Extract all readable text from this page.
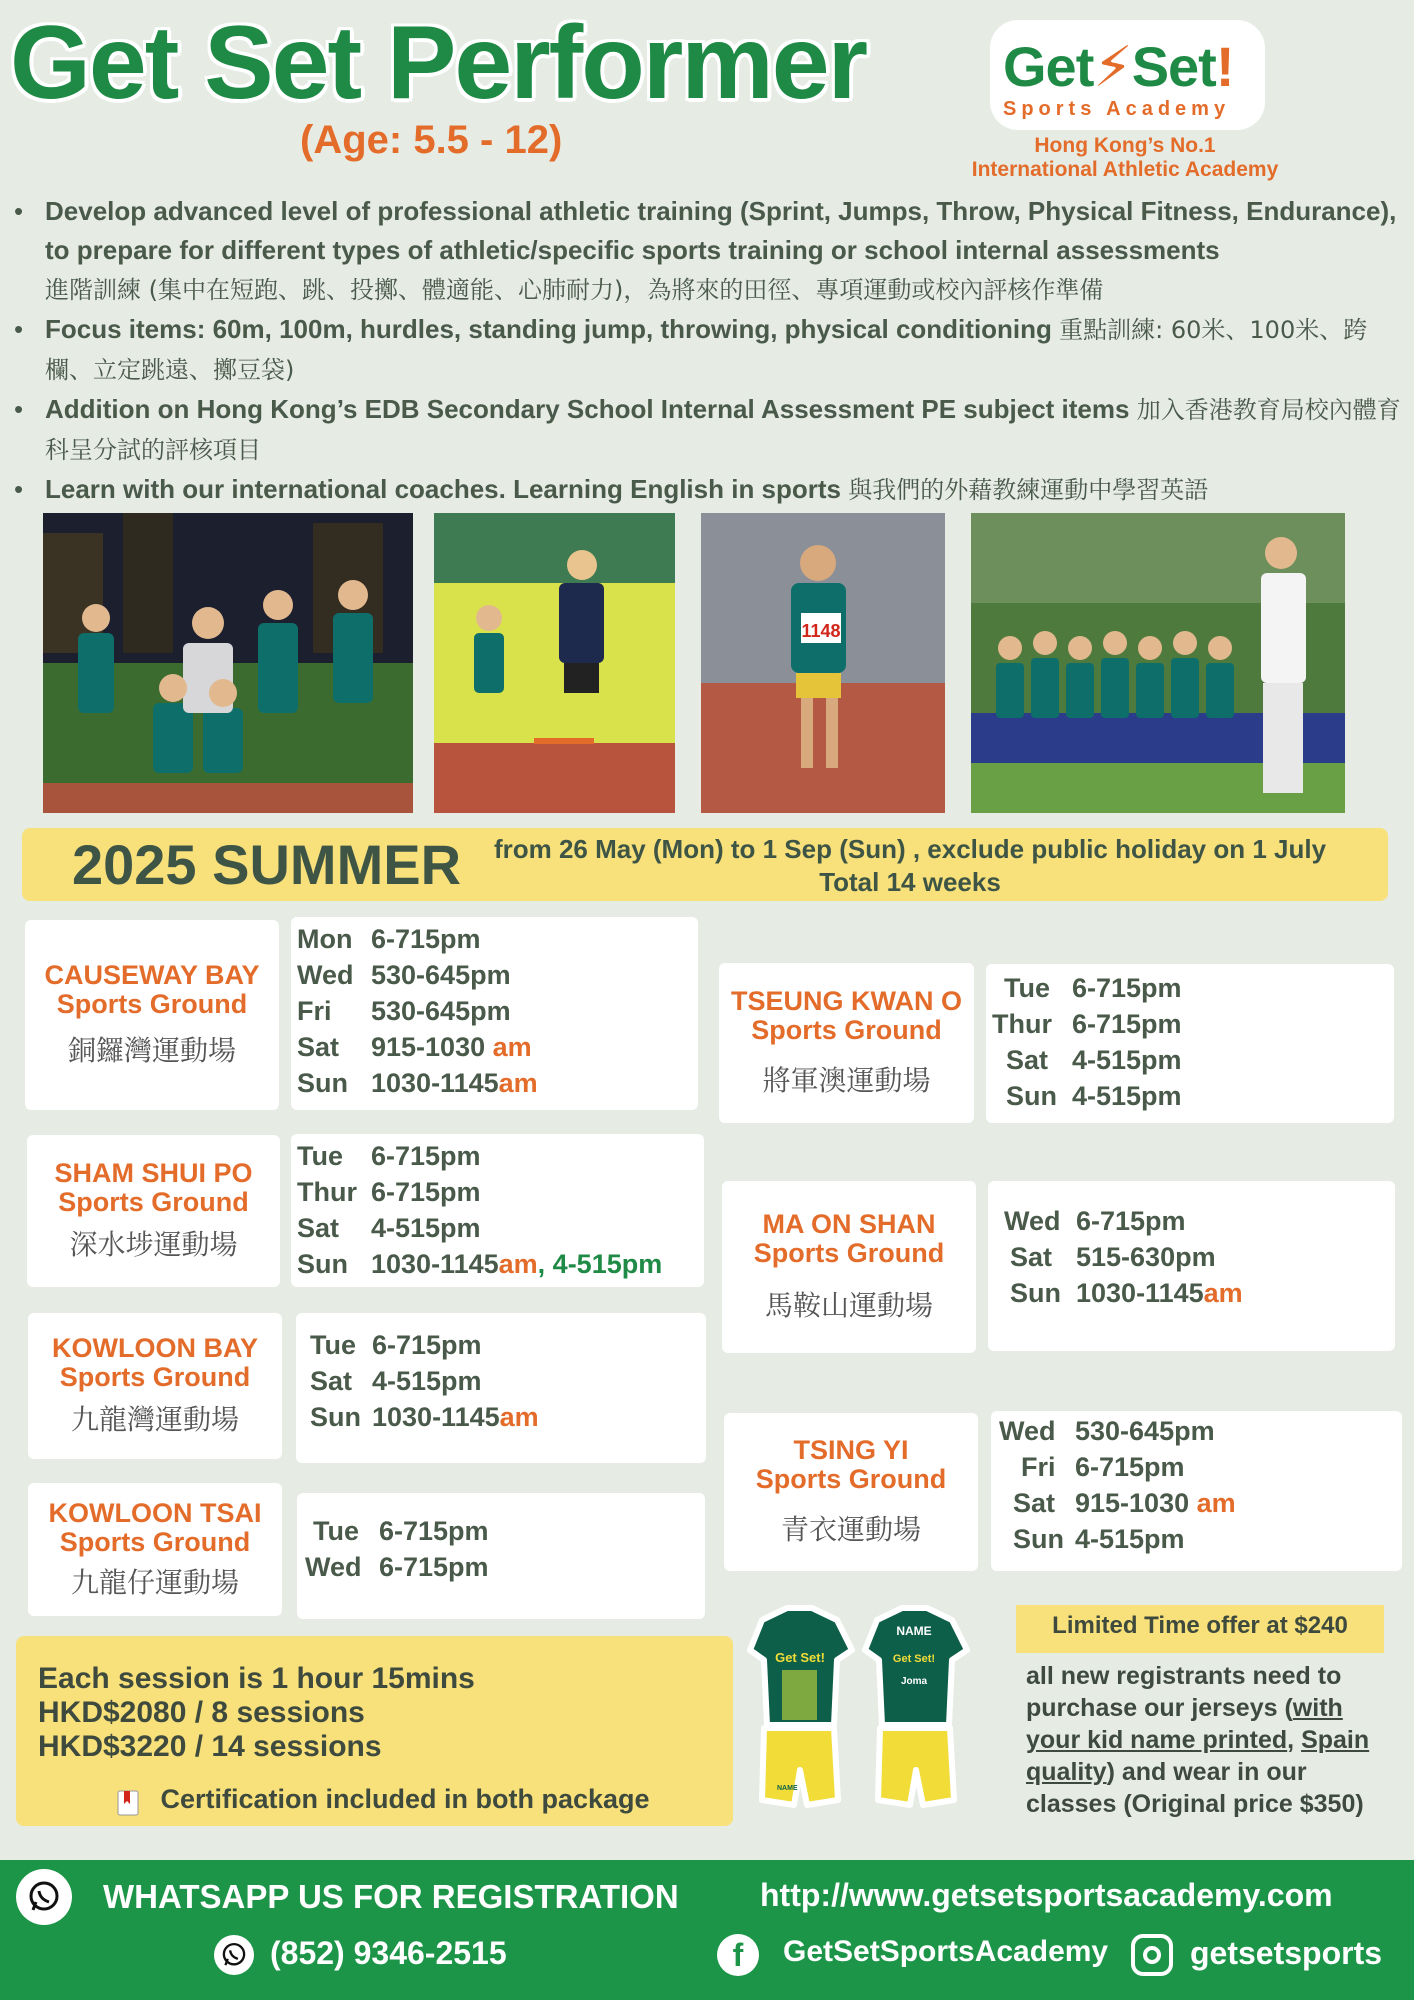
Get Set Performer
(Age: 5.5 - 12)
Get⚡Set!
Sports Academy
Hong Kong’s No.1
International Athletic Academy
• Develop advanced level of professional athletic training (Sprint, Jumps, Throw, Physical Fitness, Endurance), to prepare for different types of athletic/specific sports training or school internal assessments
進階訓練 (集中在短跑、跳、投擲、體適能、心肺耐力)，為將來的田徑、專項運動或校內評核作準備
• Focus items: 60m, 100m, hurdles, standing jump, throwing, physical conditioning 重點訓練: 60米、100米、跨欄、立定跳遠、擲豆袋)
• Addition on Hong Kong’s EDB Secondary School Internal Assessment PE subject items 加入香港教育局校內體育科呈分試的評核項目
• Learn with our international coaches. Learning English in sports 與我們的外藉教練運動中學習英語
1148
2025 SUMMER	from 26 May (Mon) to 1 Sep (Sun) , exclude public holiday on 1 July
Total 14 weeks
CAUSEWAY BAY
Sports Ground
銅鑼灣運動場
Mon 6-715pm
Wed 530-645pm
Fri	530-645pm
Sat	915-1030 am
Sun 1030-1145am
SHAM SHUI PO
Sports Ground
深水埗運動場
Tue	6-715pm
Thur 6-715pm
Sat	4-515pm
Sun 1030-1145am, 4-515pm
KOWLOON BAY
Sports Ground
九龍灣運動場
Tue 6-715pm
Sat 4-515pm
Sun 1030-1145am
KOWLOON TSAI
Sports Ground
九龍仔運動場
Tue 6-715pm
Wed 6-715pm
TSEUNG KWAN O
Sports Ground
將軍澳運動場
Tue 6-715pm
Thur 6-715pm
Sat 4-515pm
Sun 4-515pm
MA ON SHAN
Sports Ground
馬鞍山運動場
Wed 6-715pm
Sat 515-630pm
Sun 1030-1145am
TSING YI
Sports Ground
青衣運動場
Wed 530-645pm
Fri 6-715pm
Sat 915-1030 am
Sun 4-515pm
Each session is 1 hour 15mins
HKD$2080 / 8 sessions
HKD$3220 / 14 sessions
Certification included in both package
Get Set!
NAME
Get Set!
Joma
NAME
Limited Time offer at $240
all new registrants need to purchase our jerseys (with your kid name printed, Spain quality) and wear in our classes (Original price $350)
WHATSAPP US FOR REGISTRATION
(852) 9346-2515
http://www.getsetsportsacademy.com
f	GetSetSportsAcademy	getsetsports
